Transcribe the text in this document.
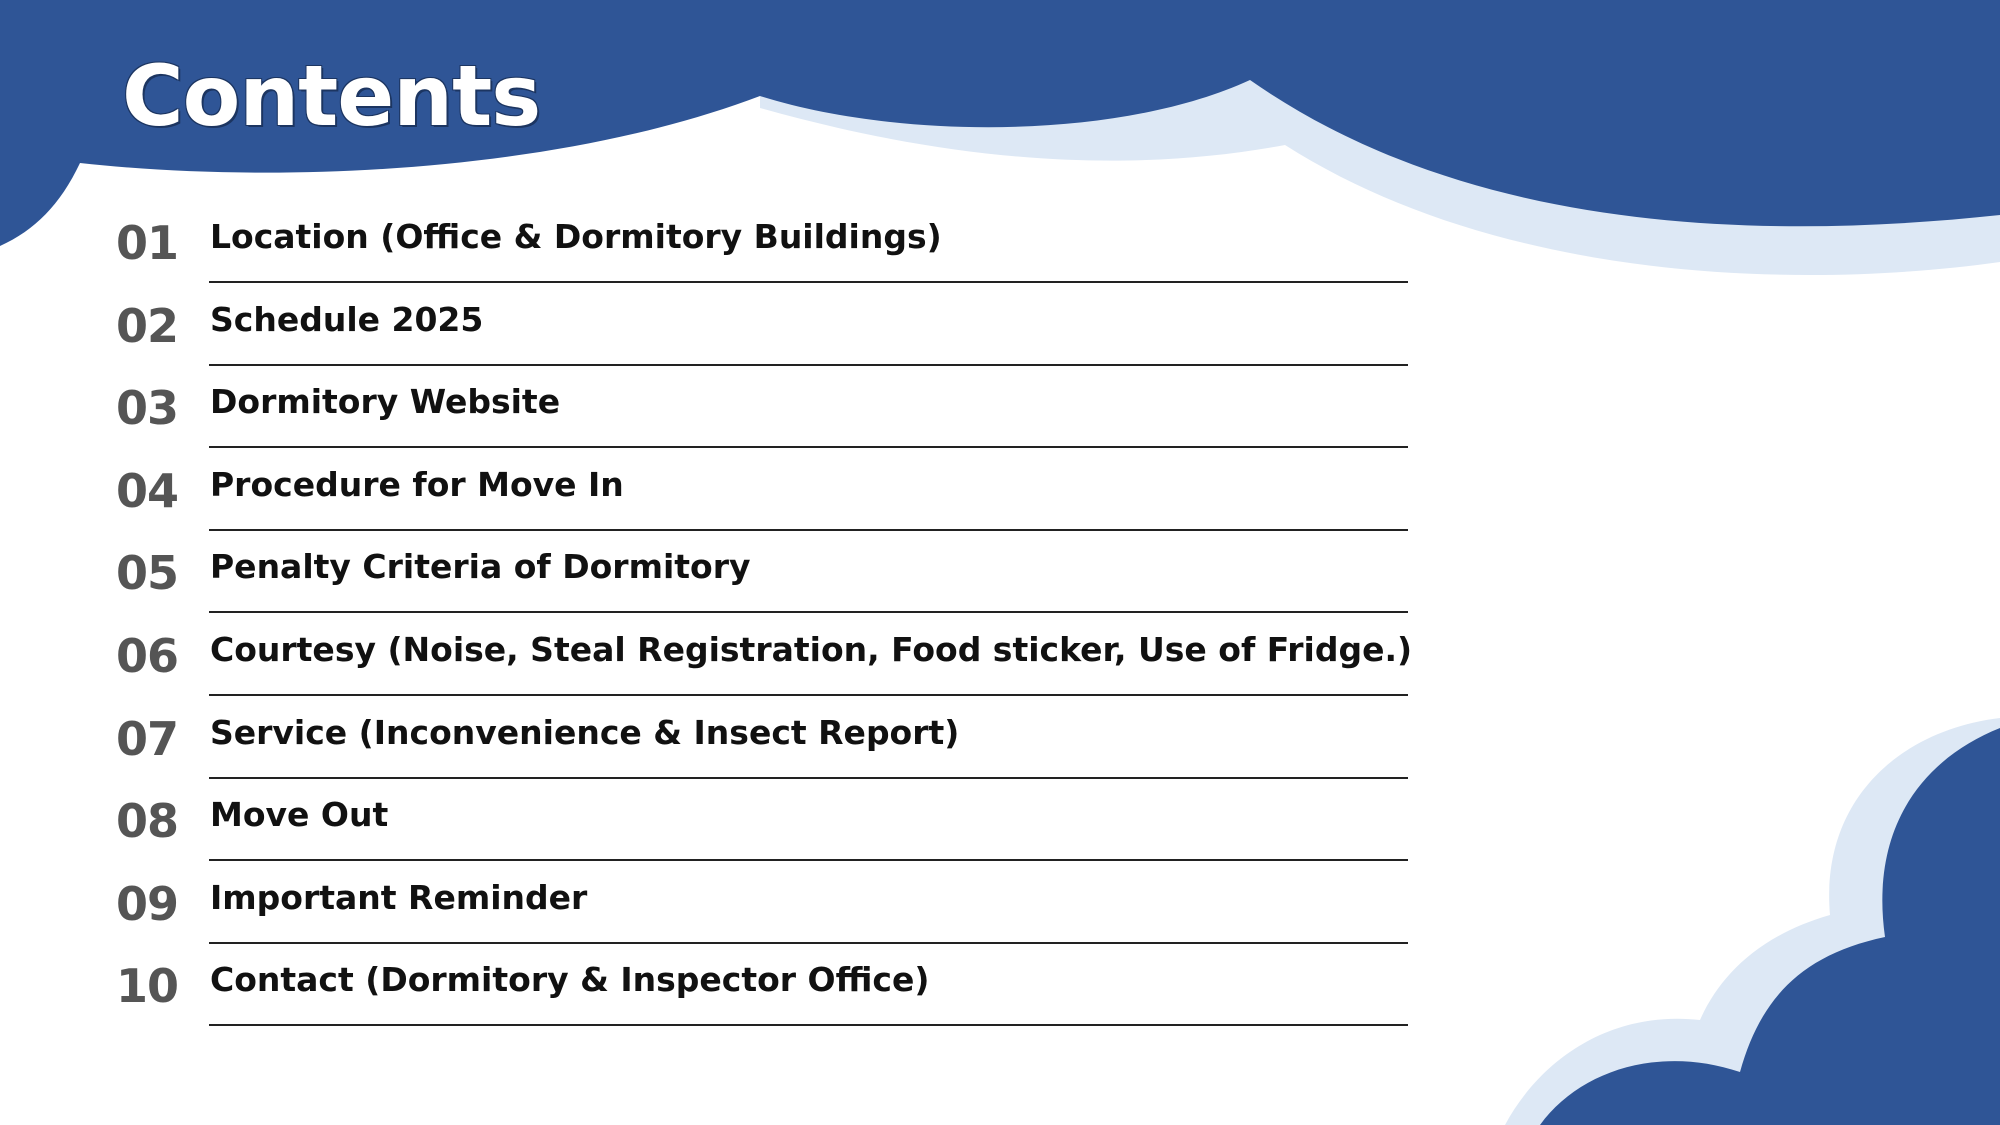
Contents
01 Location (Office & Dormitory Buildings)
02 Schedule 2025
03 Dormitory Website
04 Procedure for Move In
05 Penalty Criteria of Dormitory
06 Courtesy (Noise, Steal Registration, Food sticker, Use of Fridge.)
07 Service (Inconvenience & Insect Report)
08 Move Out
09 Important Reminder
10 Contact (Dormitory & Inspector Office)
